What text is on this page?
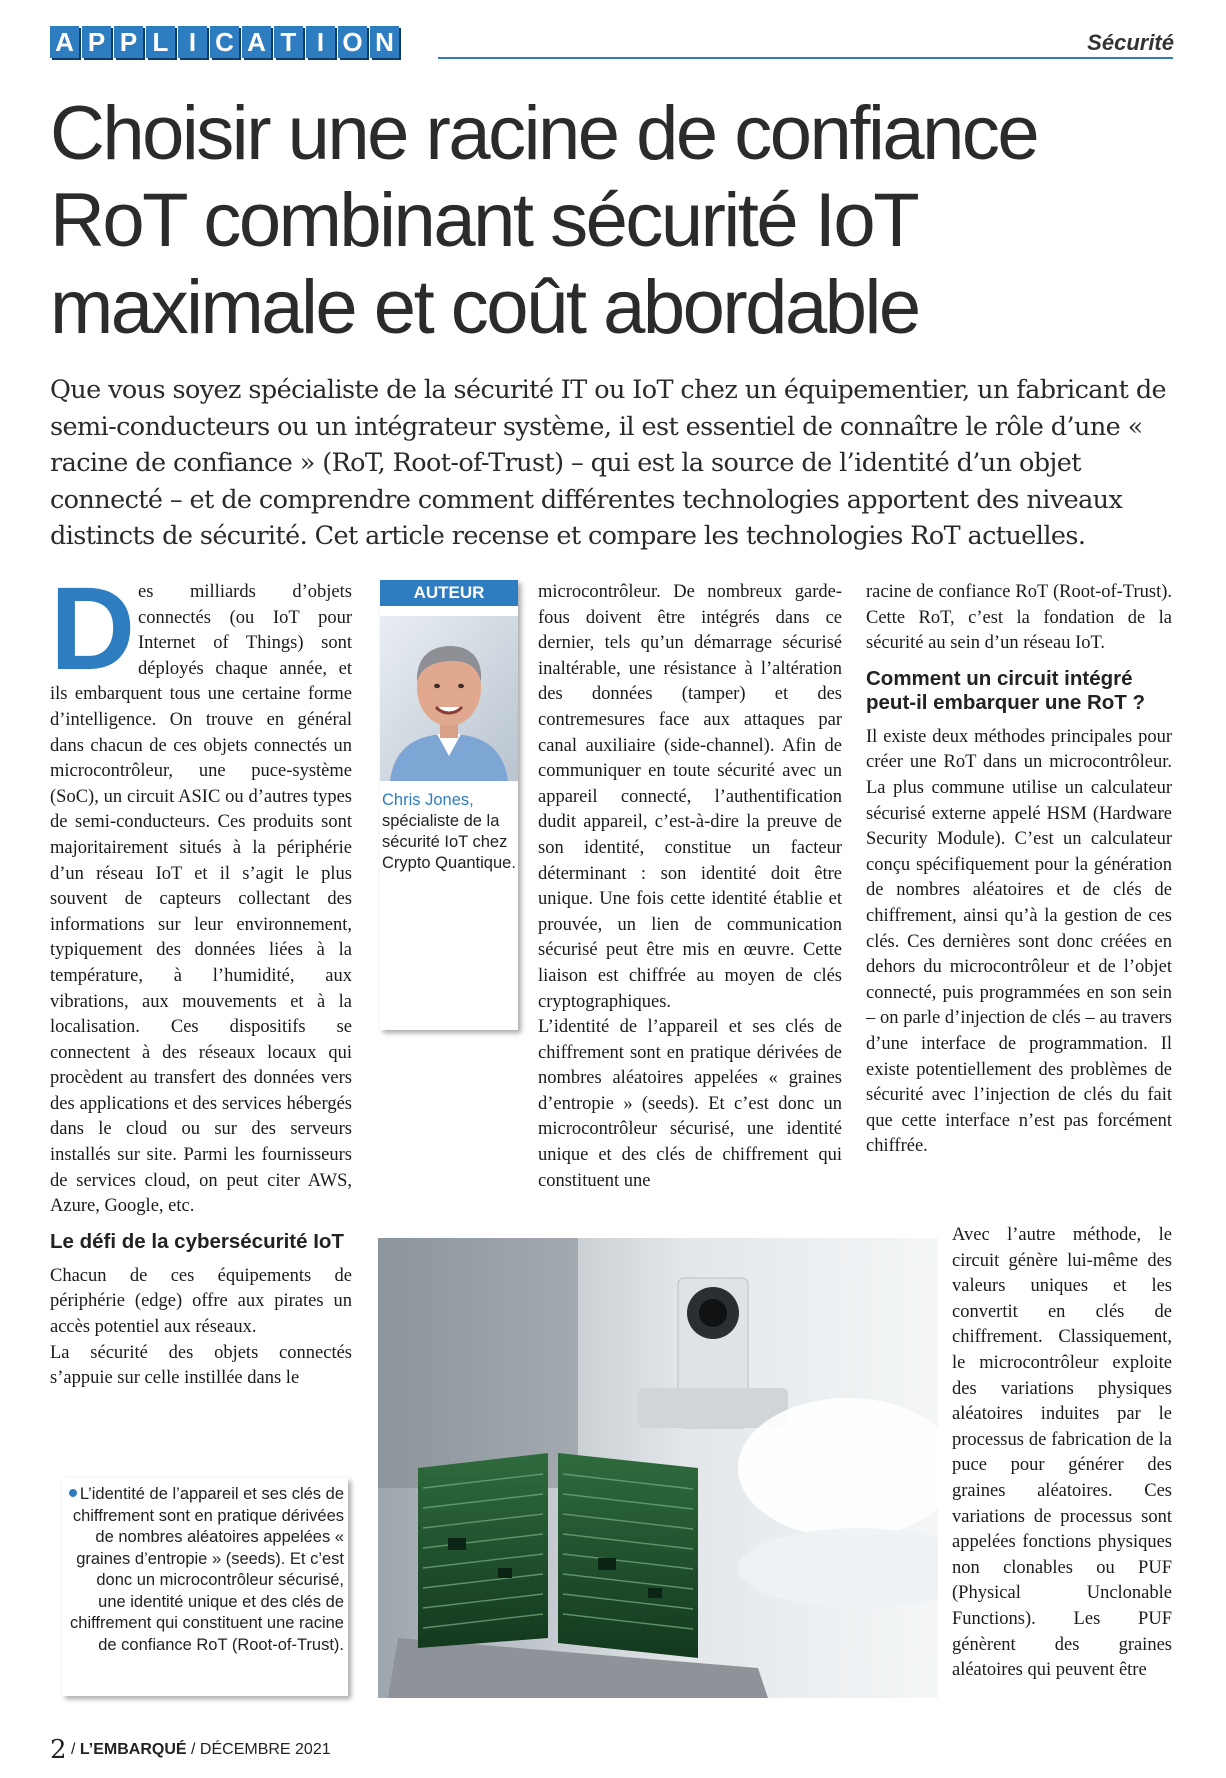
A P P L I C A T I O N	Sécurité
Choisir une racine de confiance RoT combinant sécurité IoT maximale et coût abordable

Que vous soyez spécialiste de la sécurité IT ou IoT chez un équipementier, un fabricant de semi-conducteurs ou un intégrateur système, il est essentiel de connaître le rôle d’une « racine de confiance » (RoT, Root-of-Trust) – qui est la source de l’identité d’un objet connecté – et de comprendre comment différentes technologies apportent des niveaux distincts de sécurité. Cet article recense et compare les technologies RoT actuelles.

D es milliards d’objets connectés (ou IoT pour Internet of Things) sont déployés chaque année, et ils embarquent tous une certaine forme d’intelligence. On trouve en général dans chacun de ces objets connectés un microcontrôleur, une puce-système (SoC), un circuit ASIC ou d’autres types de semi-conducteurs. Ces produits sont majoritairement situés à la périphérie d’un réseau IoT et il s’agit le plus souvent de capteurs collectant des informations sur leur environnement, typiquement des données liées à la température, à l’humidité, aux vibrations, aux mouvements et à la localisation. Ces dispositifs se connectent à des réseaux locaux qui procèdent au transfert des données vers des applications et des services hébergés dans le cloud ou sur des serveurs installés sur site. Parmi les fournisseurs de services cloud, on peut citer AWS, Azure, Google, etc.

Le défi de la cybersécurité IoT

Chacun de ces équipements de périphérie (edge) offre aux pirates un accès potentiel aux réseaux.

La sécurité des objets connectés s’appuie sur celle instillée dans le

AUTEUR
Chris Jones,
spécialiste de la sécurité IoT chez Crypto Quantique.

microcontrôleur. De nombreux garde-fous doivent être intégrés dans ce dernier, tels qu’un démarrage sécurisé inaltérable, une résistance à l’altération des données (tamper) et des contremesures face aux attaques par canal auxiliaire (side-channel). Afin de communiquer en toute sécurité avec un appareil connecté, l’authentification dudit appareil, c’est-à-dire la preuve de son identité, constitue un facteur déterminant : son identité doit être unique. Une fois cette identité établie et prouvée, un lien de communication sécurisé peut être mis en œuvre. Cette liaison est chiffrée au moyen de clés cryptographiques.

L’identité de l’appareil et ses clés de chiffrement sont en pratique dérivées de nombres aléatoires appelées « graines d’entropie » (seeds). Et c’est donc un microcontrôleur sécurisé, une identité unique et des clés de chiffrement qui constituent une

racine de confiance RoT (Root-of-Trust). Cette RoT, c’est la fondation de la sécurité au sein d’un réseau IoT.

Comment un circuit intégré peut-il embarquer une RoT ?

Il existe deux méthodes principales pour créer une RoT dans un microcontrôleur. La plus commune utilise un calculateur sécurisé externe appelé HSM (Hardware Security Module). C’est un calculateur conçu spécifiquement pour la génération de nombres aléatoires et de clés de chiffrement, ainsi qu’à la gestion de ces clés. Ces dernières sont donc créées en dehors du microcontrôleur et de l’objet connecté, puis programmées en son sein – on parle d’injection de clés – au travers d’une interface de programmation. Il existe potentiellement des problèmes de sécurité avec l’injection de clés du fait que cette interface n’est pas forcément chiffrée.

Avec l’autre méthode, le circuit génère lui-même des valeurs uniques et les convertit en clés de chiffrement. Classiquement, le microcontrôleur exploite des variations physiques aléatoires induites par le processus de fabrication de la puce pour générer des graines aléatoires. Ces variations de processus sont appelées fonctions physiques non clonables ou PUF (Physical Unclonable Functions). Les PUF génèrent des graines aléatoires qui peuvent être

L’identité de l’appareil et ses clés de chiffrement sont en pratique dérivées de nombres aléatoires appelées « graines d’entropie » (seeds). Et c’est donc un microcontrôleur sécurisé, une identité unique et des clés de chiffrement qui constituent une racine de confiance RoT (Root-of-Trust).
2 / L’EMBARQUÉ / DÉCEMBRE 2021
